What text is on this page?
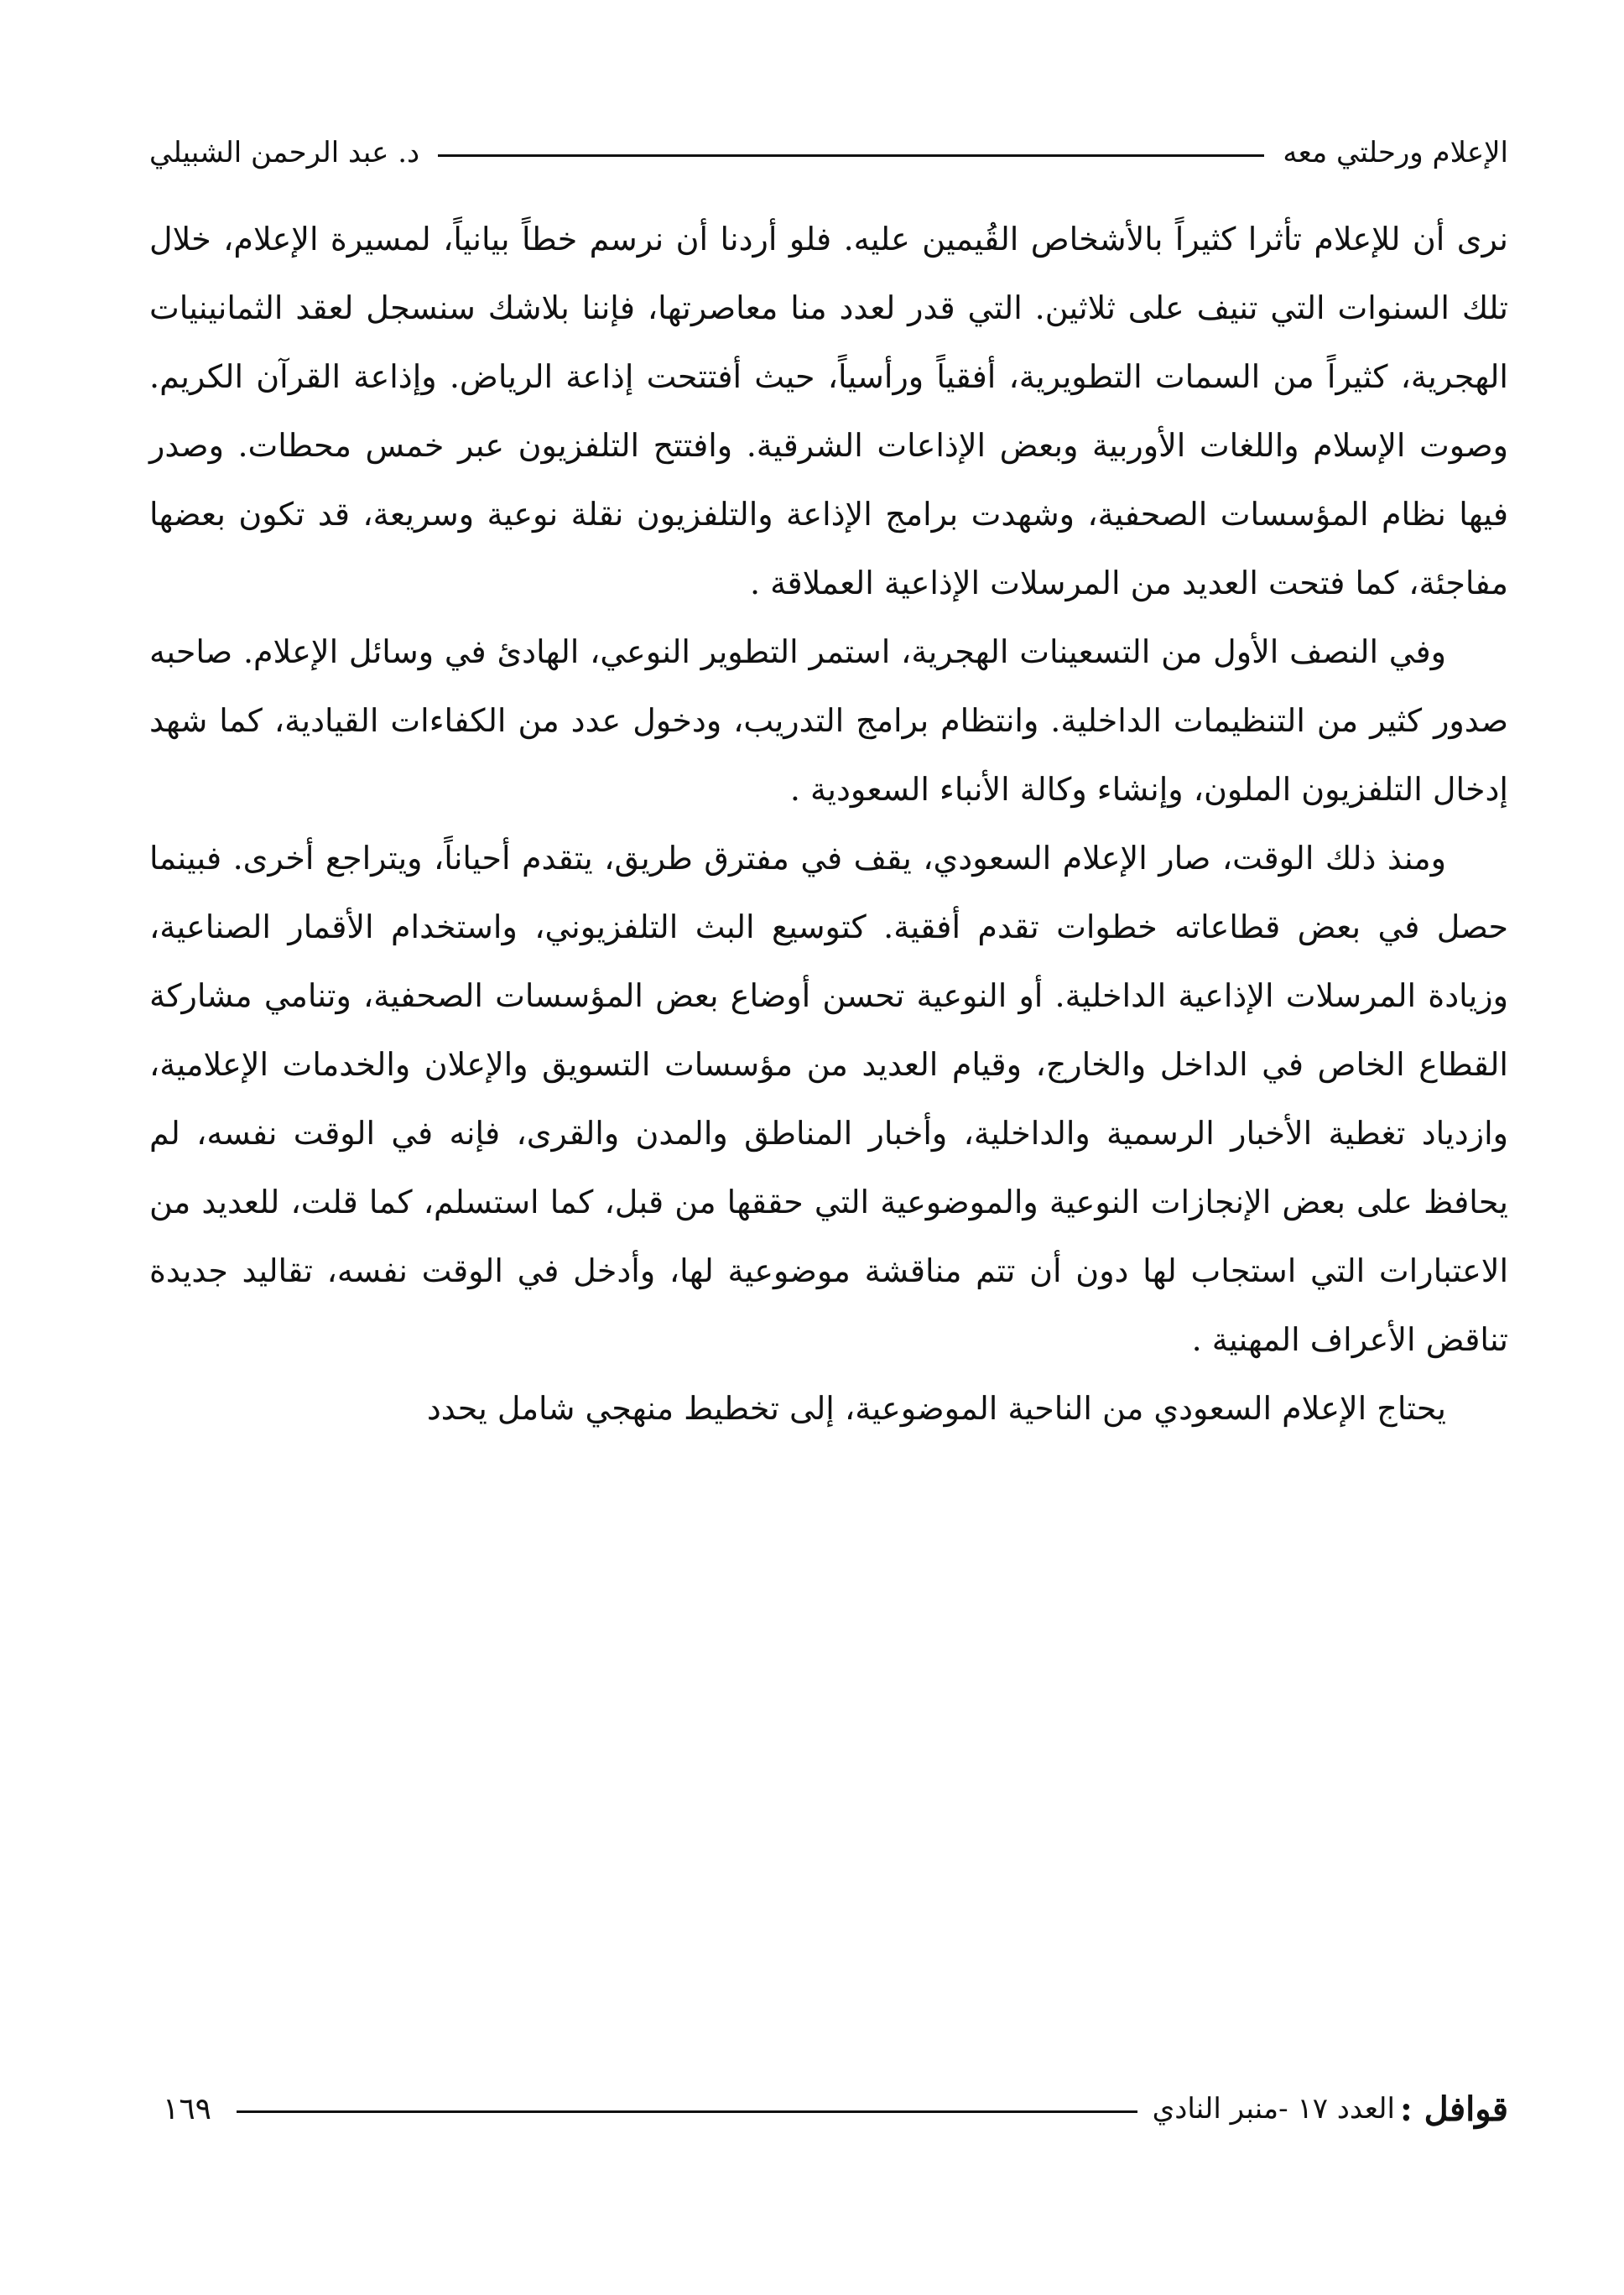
الإعلام ورحلتي معه
د. عبد الرحمن الشبيلي

نرى أن للإعلام تأثرا كثيراً بالأشخاص القُيمين عليه. فلو أردنا أن نرسم خطاً بيانياً، لمسيرة الإعلام، خلال تلك السنوات التي تنيف على ثلاثين. التي قدر لعدد منا معاصرتها، فإننا بلاشك سنسجل لعقد الثمانينيات الهجرية، كثيراً من السمات التطويرية، أفقياً ورأسياً، حيث أفتتحت إذاعة الرياض. وإذاعة القرآن الكريم. وصوت الإسلام واللغات الأوربية وبعض الإذاعات الشرقية. وافتتح التلفزيون عبر خمس محطات. وصدر فيها نظام المؤسسات الصحفية، وشهدت برامج الإذاعة والتلفزيون نقلة نوعية وسريعة، قد تكون بعضها مفاجئة، كما فتحت العديد من المرسلات الإذاعية العملاقة .

وفي النصف الأول من التسعينات الهجرية، استمر التطوير النوعي، الهادئ في وسائل الإعلام. صاحبه صدور كثير من التنظيمات الداخلية. وانتظام برامج التدريب، ودخول عدد من الكفاءات القيادية، كما شهد إدخال التلفزيون الملون، وإنشاء وكالة الأنباء السعودية .

ومنذ ذلك الوقت، صار الإعلام السعودي، يقف في مفترق طريق، يتقدم أحياناً، ويتراجع أخرى. فبينما حصل في بعض قطاعاته خطوات تقدم أفقية. كتوسيع البث التلفزيوني، واستخدام الأقمار الصناعية، وزيادة المرسلات الإذاعية الداخلية. أو النوعية تحسن أوضاع بعض المؤسسات الصحفية، وتنامي مشاركة القطاع الخاص في الداخل والخارج، وقيام العديد من مؤسسات التسويق والإعلان والخدمات الإعلامية، وازدياد تغطية الأخبار الرسمية والداخلية، وأخبار المناطق والمدن والقرى، فإنه في الوقت نفسه، لم يحافظ على بعض الإنجازات النوعية والموضوعية التي حققها من قبل، كما استسلم، كما قلت، للعديد من الاعتبارات التي استجاب لها دون أن تتم مناقشة موضوعية لها، وأدخل في الوقت نفسه، تقاليد جديدة تناقض الأعراف المهنية .

يحتاج الإعلام السعودي من الناحية الموضوعية، إلى تخطيط منهجي شامل يحدد

قوافل :
العدد ١٧ -منبر النادي
١٦٩
